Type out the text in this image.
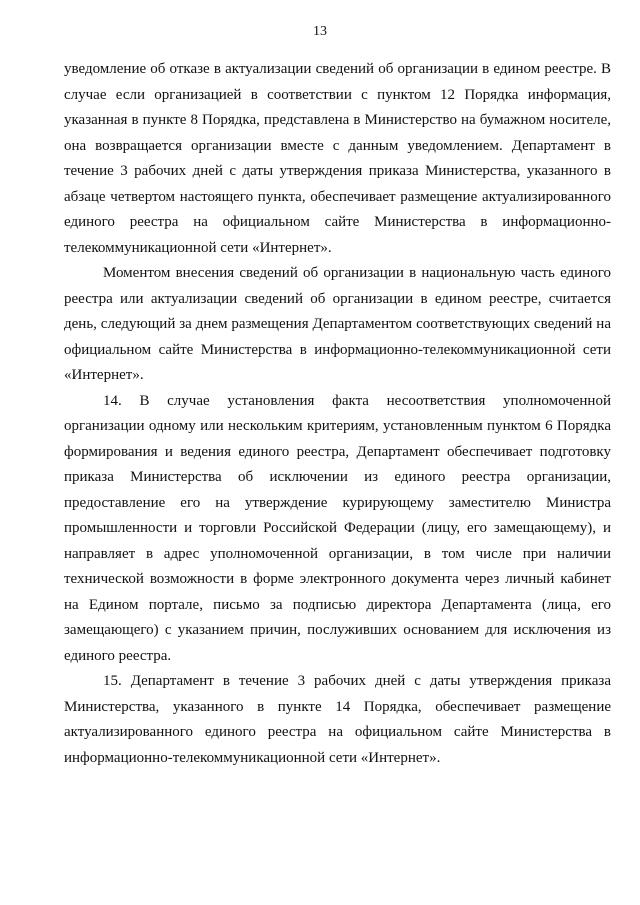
13

уведомление об отказе в актуализации сведений об организации в едином реестре. В случае если организацией в соответствии с пунктом 12 Порядка информация, указанная в пункте 8 Порядка, представлена в Министерство на бумажном носителе, она возвращается организации вместе с данным уведомлением. Департамент в течение 3 рабочих дней с даты утверждения приказа Министерства, указанного в абзаце четвертом настоящего пункта, обеспечивает размещение актуализированного единого реестра на официальном сайте Министерства в информационно-телекоммуникационной сети «Интернет».

Моментом внесения сведений об организации в национальную часть единого реестра или актуализации сведений об организации в едином реестре, считается день, следующий за днем размещения Департаментом соответствующих сведений на официальном сайте Министерства в информационно-телекоммуникационной сети «Интернет».

14. В случае установления факта несоответствия уполномоченной организации одному или нескольким критериям, установленным пунктом 6 Порядка формирования и ведения единого реестра, Департамент обеспечивает подготовку приказа Министерства об исключении из единого реестра организации, предоставление его на утверждение курирующему заместителю Министра промышленности и торговли Российской Федерации (лицу, его замещающему), и направляет в адрес уполномоченной организации, в том числе при наличии технической возможности в форме электронного документа через личный кабинет на Едином портале, письмо за подписью директора Департамента (лица, его замещающего) с указанием причин, послуживших основанием для исключения из единого реестра.

15. Департамент в течение 3 рабочих дней с даты утверждения приказа Министерства, указанного в пункте 14 Порядка, обеспечивает размещение актуализированного единого реестра на официальном сайте Министерства в информационно-телекоммуникационной сети «Интернет».
